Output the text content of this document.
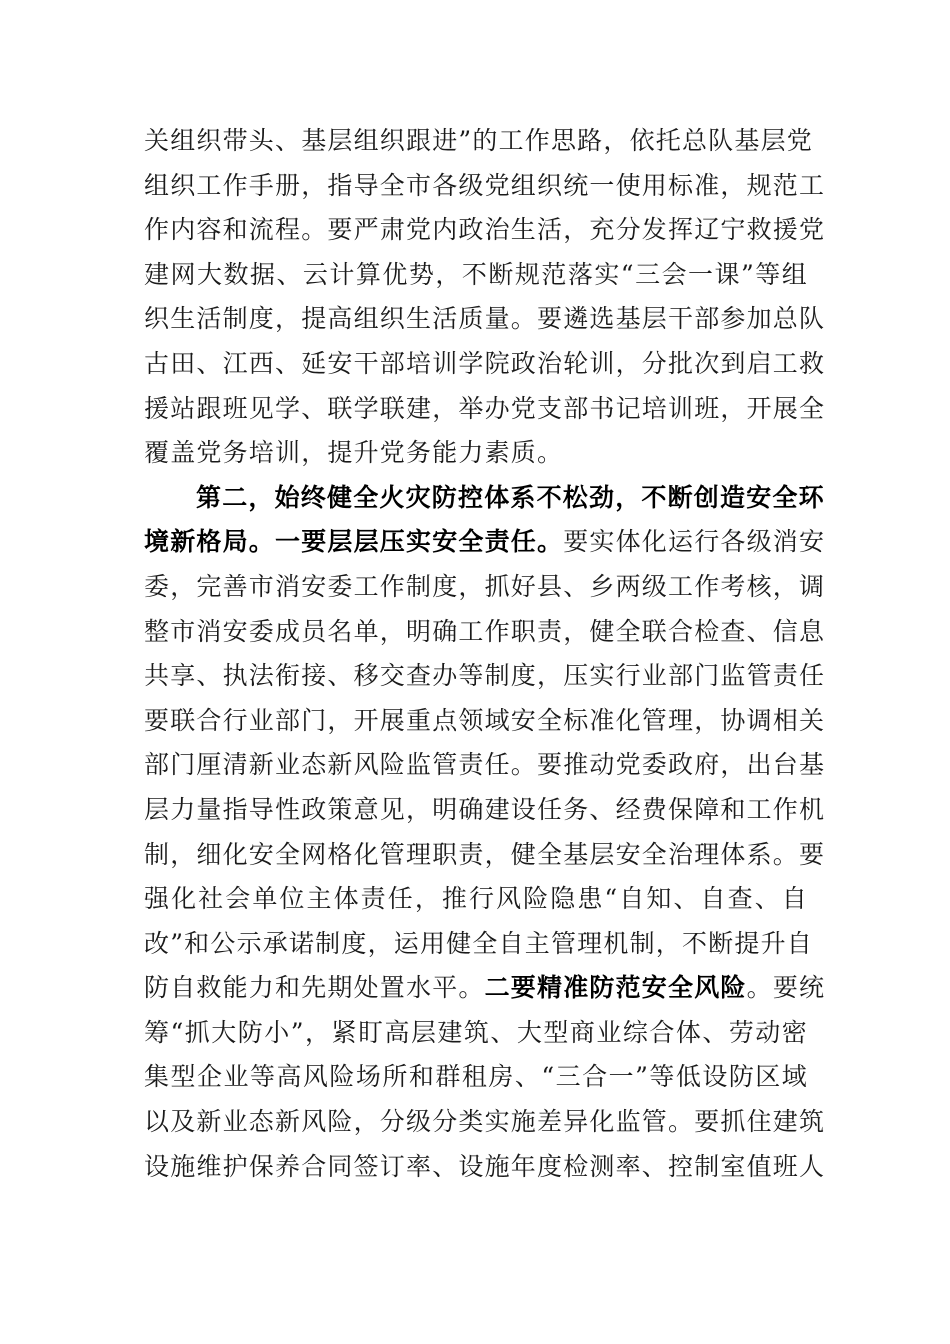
关组织带头、基层组织跟进”的工作思路，依托总队基层党
组织工作手册，指导全市各级党组织统一使用标准，规范工
作内容和流程。要严肃党内政治生活，充分发挥辽宁救援党
建网大数据、云计算优势，不断规范落实“三会一课”等组
织生活制度，提高组织生活质量。要遴选基层干部参加总队
古田、江西、延安干部培训学院政治轮训，分批次到启工救
援站跟班见学、联学联建，举办党支部书记培训班，开展全
覆盖党务培训，提升党务能力素质。
第二，始终健全火灾防控体系不松劲，不断创造安全环
境新格局。一要层层压实安全责任。要实体化运行各级消安
委，完善市消安委工作制度，抓好县、乡两级工作考核，调
整市消安委成员名单，明确工作职责，健全联合检查、信息
共享、执法衔接、移交查办等制度，压实行业部门监管责任
要联合行业部门，开展重点领域安全标准化管理，协调相关
部门厘清新业态新风险监管责任。要推动党委政府，出台基
层力量指导性政策意见，明确建设任务、经费保障和工作机
制，细化安全网格化管理职责，健全基层安全治理体系。要
强化社会单位主体责任，推行风险隐患“自知、自查、自
改”和公示承诺制度，运用健全自主管理机制，不断提升自
防自救能力和先期处置水平。二要精准防范安全风险。要统
筹“抓大防小”，紧盯高层建筑、大型商业综合体、劳动密
集型企业等高风险场所和群租房、“三合一”等低设防区域
以及新业态新风险，分级分类实施差异化监管。要抓住建筑
设施维护保养合同签订率、设施年度检测率、控制室值班人
